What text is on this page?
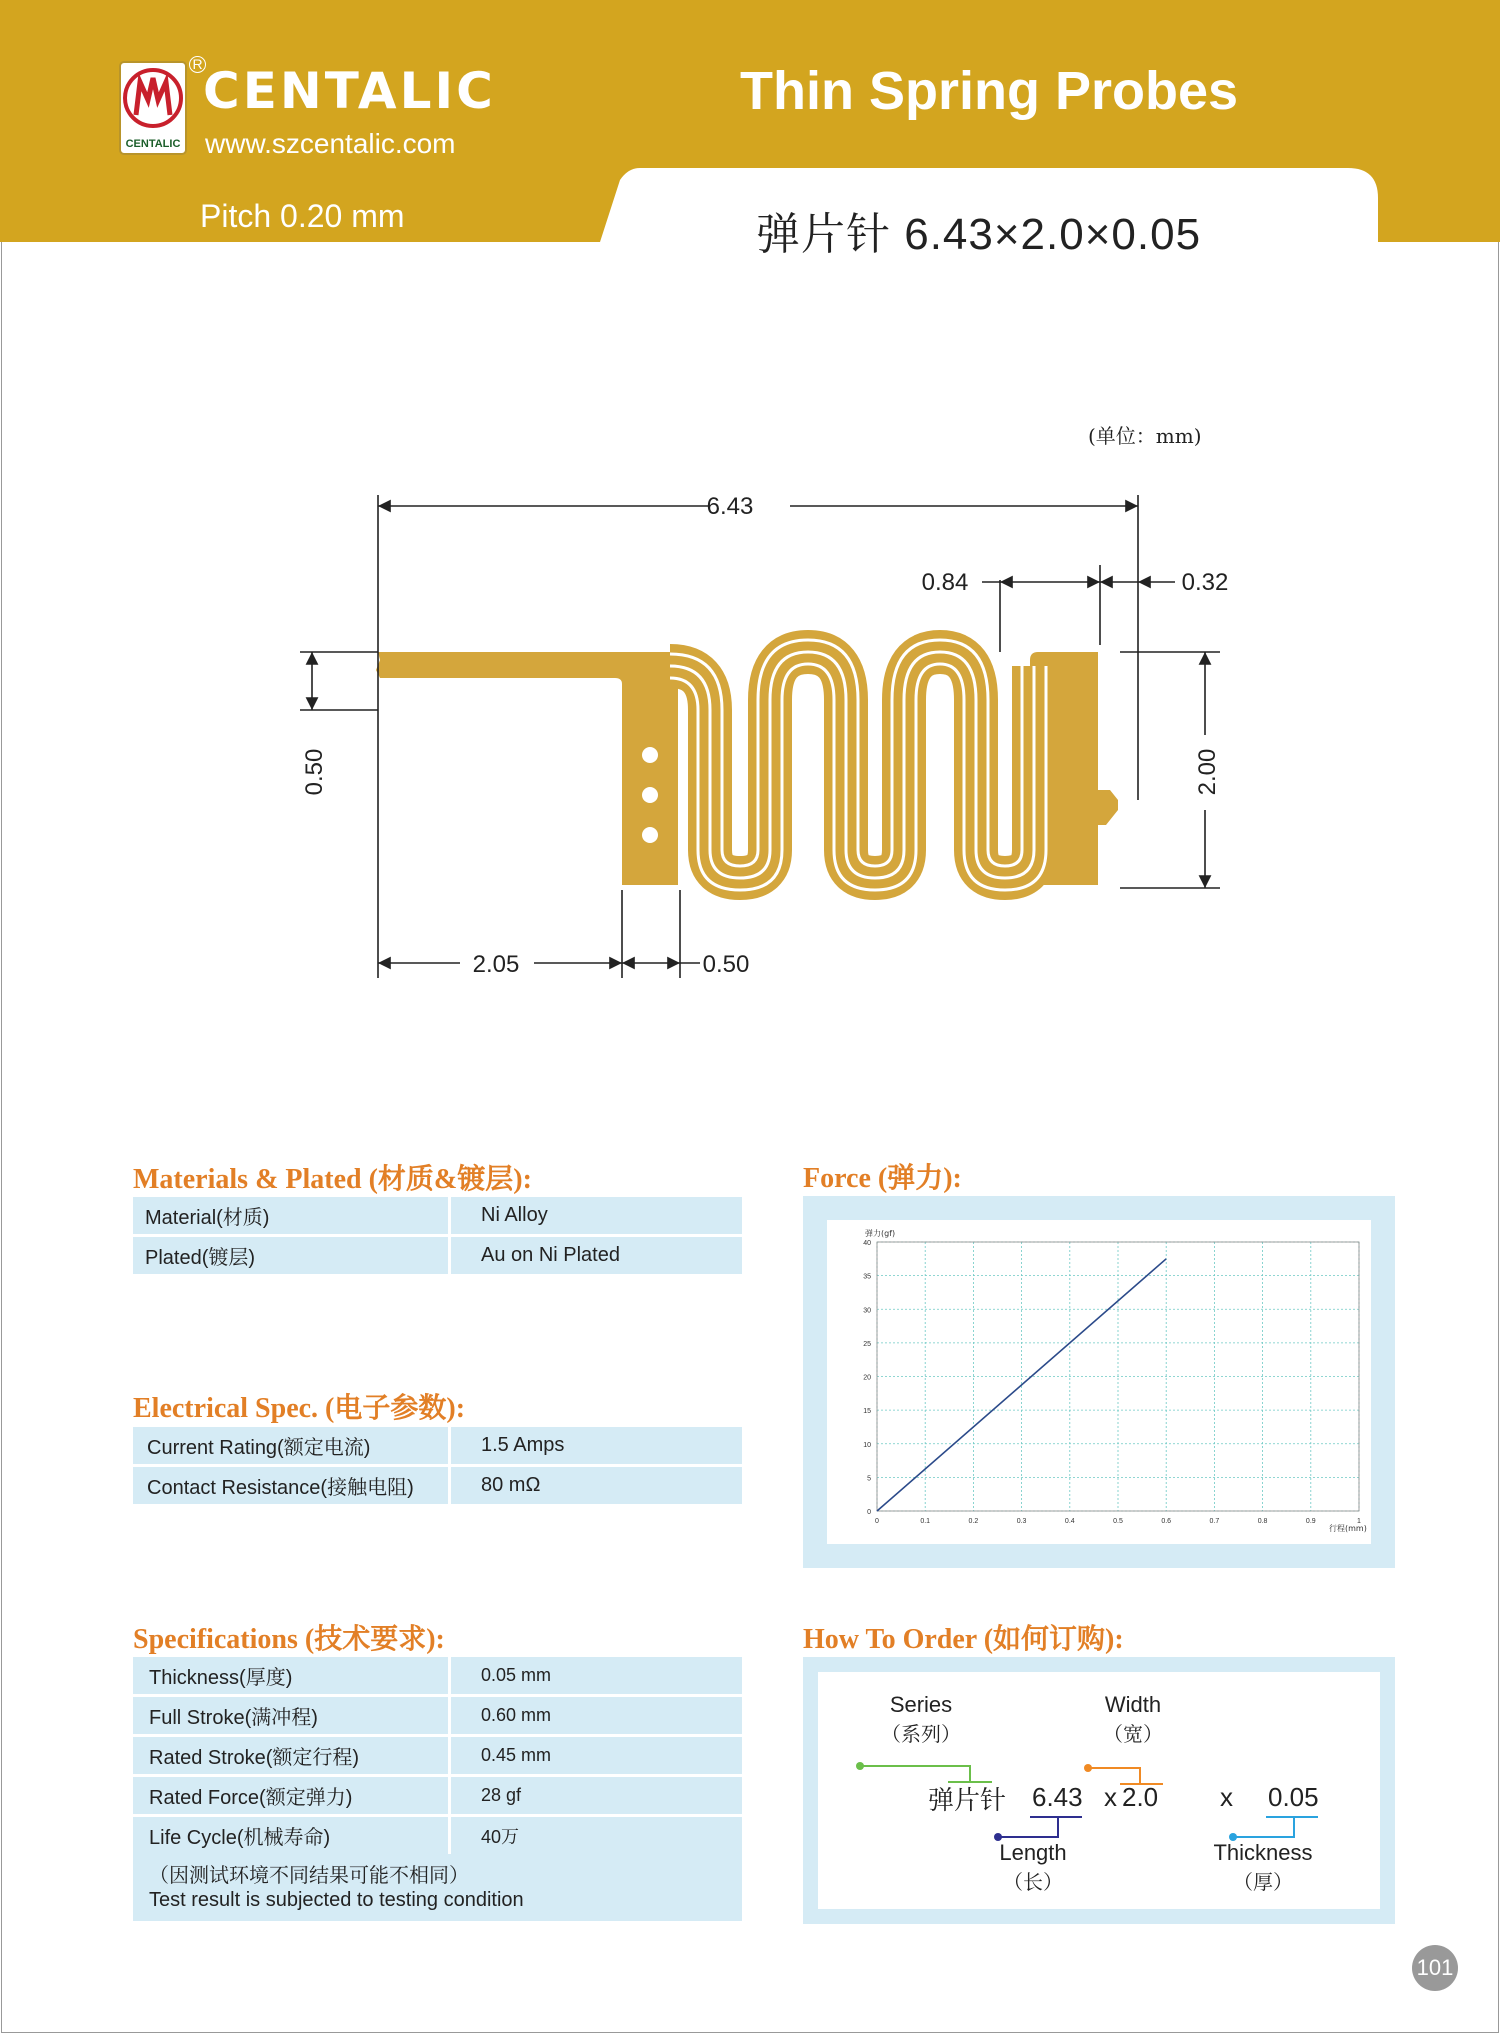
CENTALIC
R CENTALIC
www.szcentalic.com
Pitch 0.20 mm
Thin Spring Probes
弹片针 6.43×2.0×0.05
(单位：mm)
6.43
0.84	0.32
2.00
0.50
2.05	0.50
Materials & Plated (材质&镀层):
Material(材质)	Ni Alloy
Plated(镀层)	Au on Ni Plated
Electrical Spec. (电子参数):
Current Rating(额定电流)	1.5 Amps
Contact Resistance(接触电阻)	80 mΩ
Specifications (技术要求):
Thickness(厚度)	0.05 mm
Full Stroke(满冲程)	0.60 mm
Rated Stroke(额定行程)	0.45 mm
Rated Force(额定弹力)	28 gf
Life Cycle(机械寿命)	40万
（因测试环境不同结果可能不相同）
Test result is subjected to testing condition
Force (弹力):
0	0.1	0.2	0.3	0.4	0.5	0.6	0.7	0.8	0.9	1
0
5
10
15
20
25
30
35
40
弹力(gf)
行程(mm)
How To Order (如何订购):
Series
（系列）
Width
（宽）
弹片针 6.43 x 2.0 x 0.05
Length
（长）
Thickness
（厚）
101
